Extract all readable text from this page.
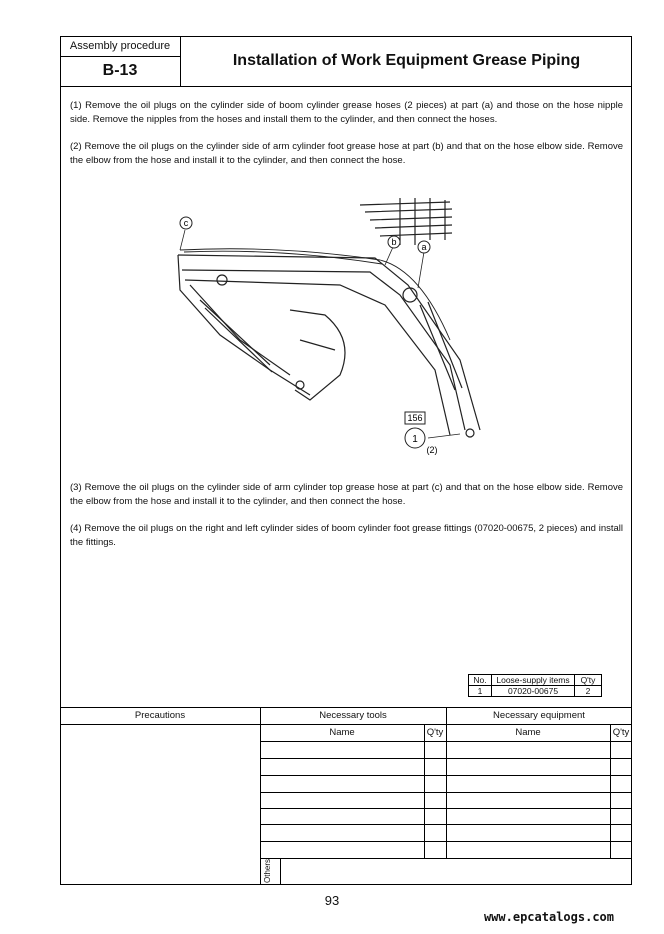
Assembly procedure
B-13
Installation of Work Equipment Grease Piping
(1) Remove the oil plugs on the cylinder side of boom cylinder grease hoses (2 pieces) at part (a) and those on the hose nipple side. Remove the nipples from the hoses and install them to the cylinder, and then connect the hoses.
(2) Remove the oil plugs on the cylinder side of arm cylinder foot grease hose at part (b) and that on the hose elbow side. Remove the elbow from the hose and install it to the cylinder, and then connect the hose.
c
b	a
156
1
(2)
(3) Remove the oil plugs on the cylinder side of arm cylinder top grease hose at part (c) and that on the hose elbow side. Remove the elbow from the hose and install it to the cylinder, and then connect the hose.
(4) Remove the oil plugs on the right and left cylinder sides of boom cylinder foot grease fittings (07020-00675, 2 pieces) and install the fittings.
No.	Loose-supply items	Q'ty
1	07020-00675	2
Precautions	Necessary tools	Necessary equipment
Name	Q'ty	Name	Q'ty
Others
93
www.epcatalogs.com
